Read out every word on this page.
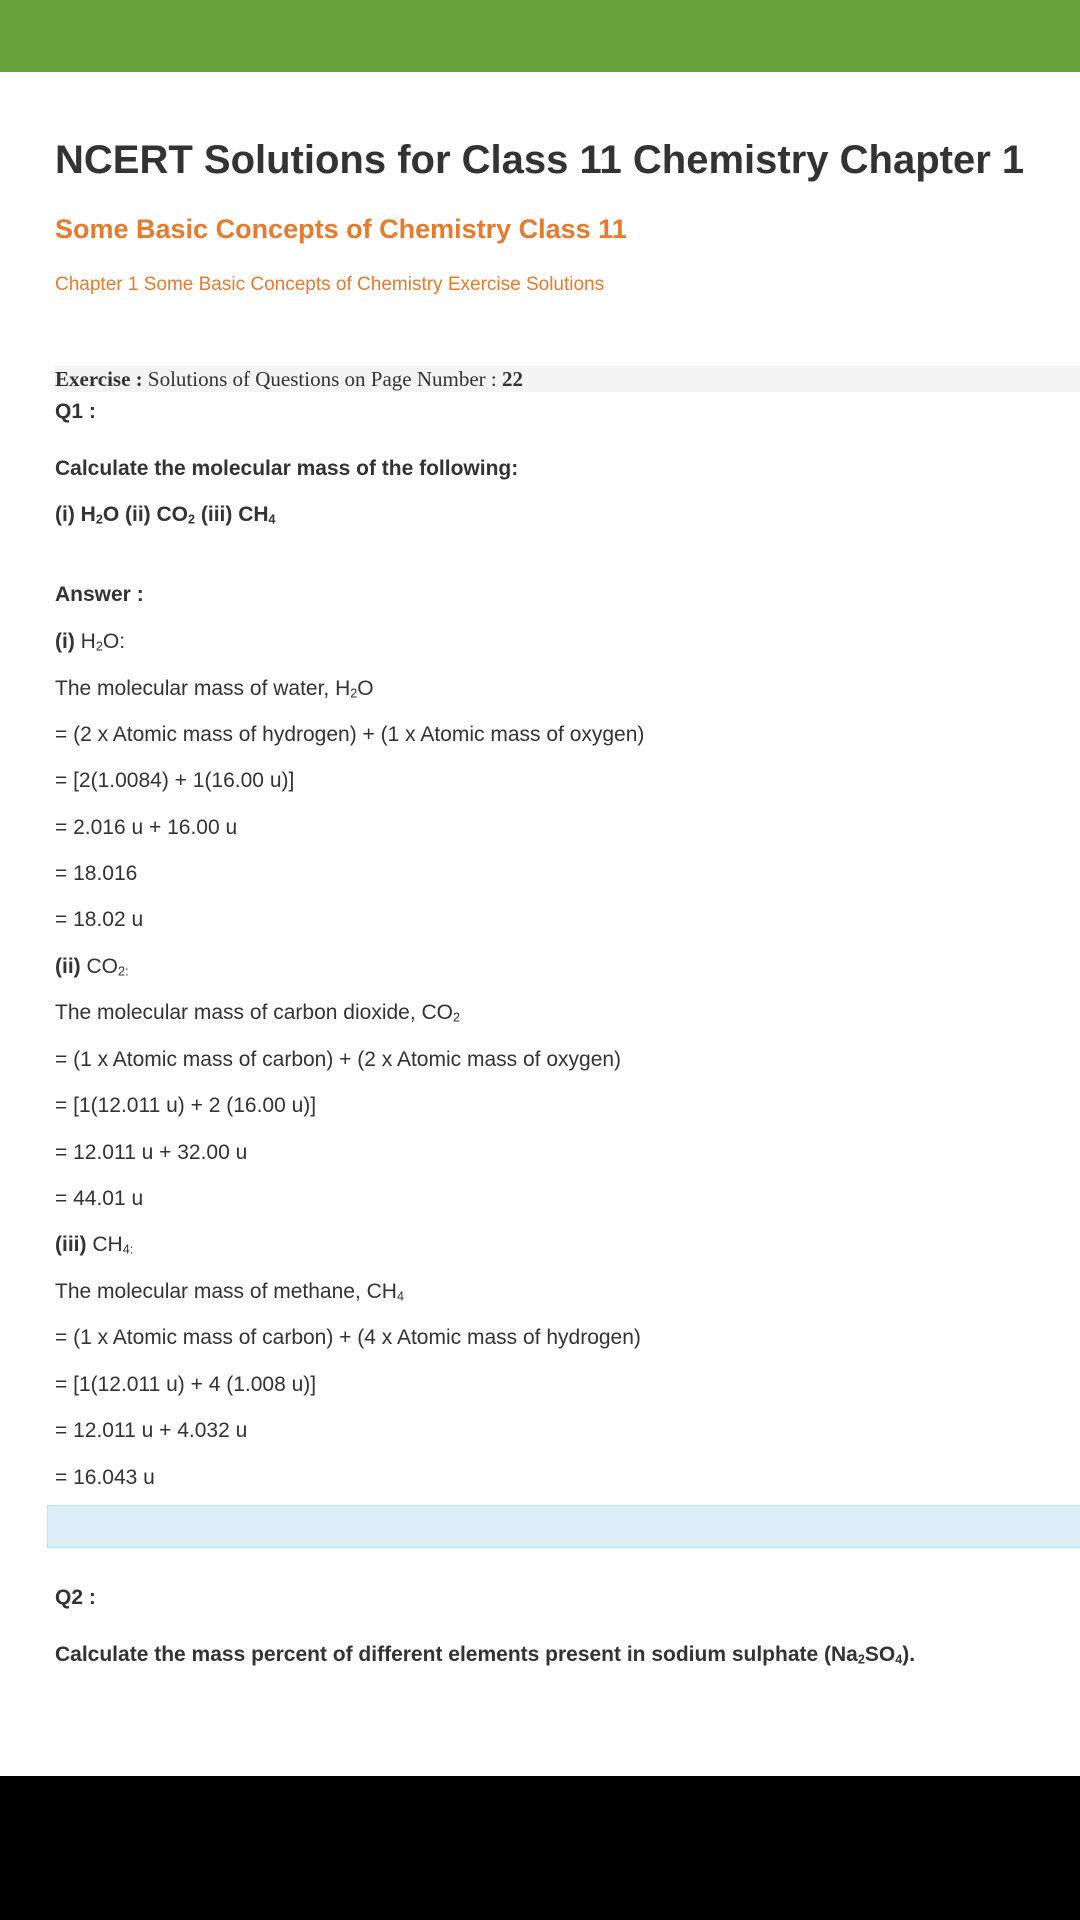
NCERT Solutions for Class 11 Chemistry Chapter 1
Some Basic Concepts of Chemistry Class 11
Chapter 1 Some Basic Concepts of Chemistry Exercise Solutions
Exercise : Solutions of Questions on Page Number : 22
Q1 :
Calculate the molecular mass of the following:
(i) $H_2O$ (ii) $CO_2$ (iii) $CH_4$
Answer :
(i) $H_2O$:
The molecular mass of water, $H_2O$
= (2 x Atomic mass of hydrogen) + (1 x Atomic mass of oxygen)
= [2(1.0084) + 1(16.00 u)]
= 2.016 u + 16.00 u
= 18.016
= 18.02 u
(ii) $CO_{2:}$
The molecular mass of carbon dioxide, $CO_2$
= (1 x Atomic mass of carbon) + (2 x Atomic mass of oxygen)
= [1(12.011 u) + 2 (16.00 u)]
= 12.011 u + 32.00 u
= 44.01 u
(iii) $CH_{4:}$
The molecular mass of methane, $CH_4$
= (1 x Atomic mass of carbon) + (4 x Atomic mass of hydrogen)
= [1(12.011 u) + 4 (1.008 u)]
= 12.011 u + 4.032 u
= 16.043 u
Q2 :
Calculate the mass percent of different elements present in sodium sulphate $(Na_2SO_4)$.
